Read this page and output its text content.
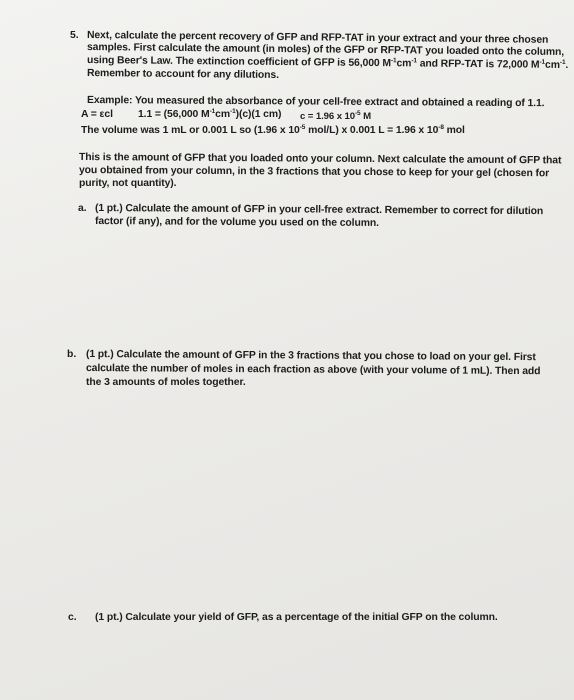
5. Next, calculate the percent recovery of GFP and RFP-TAT in your extract and your three chosen
samples. First calculate the amount (in moles) of the GFP or RFP-TAT you loaded onto the column,
using Beer's Law. The extinction coefficient of GFP is 56,000 $M^{-1}cm^{-1}$ and RFP-TAT is 72,000 $M^{-1}cm^{-1}$.
Remember to account for any dilutions.
Example: You measured the absorbance of your cell-free extract and obtained a reading of 1.1.
A = εcl 1.1 = (56,000 $M^{-1}cm^{-1})(c)(1$ cm) c = 1.96 x $10^{-5}$ M
The volume was 1 mL or 0.001 L so (1.96 x $10^{-5}$ mol/L) x 0.001 L = 1.96 x $10^{-8}$ mol
This is the amount of GFP that you loaded onto your column. Next calculate the amount of GFP that
you obtained from your column, in the 3 fractions that you chose to keep for your gel (chosen for
purity, not quantity).
a. (1 pt.) Calculate the amount of GFP in your cell-free extract. Remember to correct for dilution
factor (if any), and for the volume you used on the column.
b. (1 pt.) Calculate the amount of GFP in the 3 fractions that you chose to load on your gel. First
calculate the number of moles in each fraction as above (with your volume of 1 mL). Then add
the 3 amounts of moles together.
c. (1 pt.) Calculate your yield of GFP, as a percentage of the initial GFP on the column.
